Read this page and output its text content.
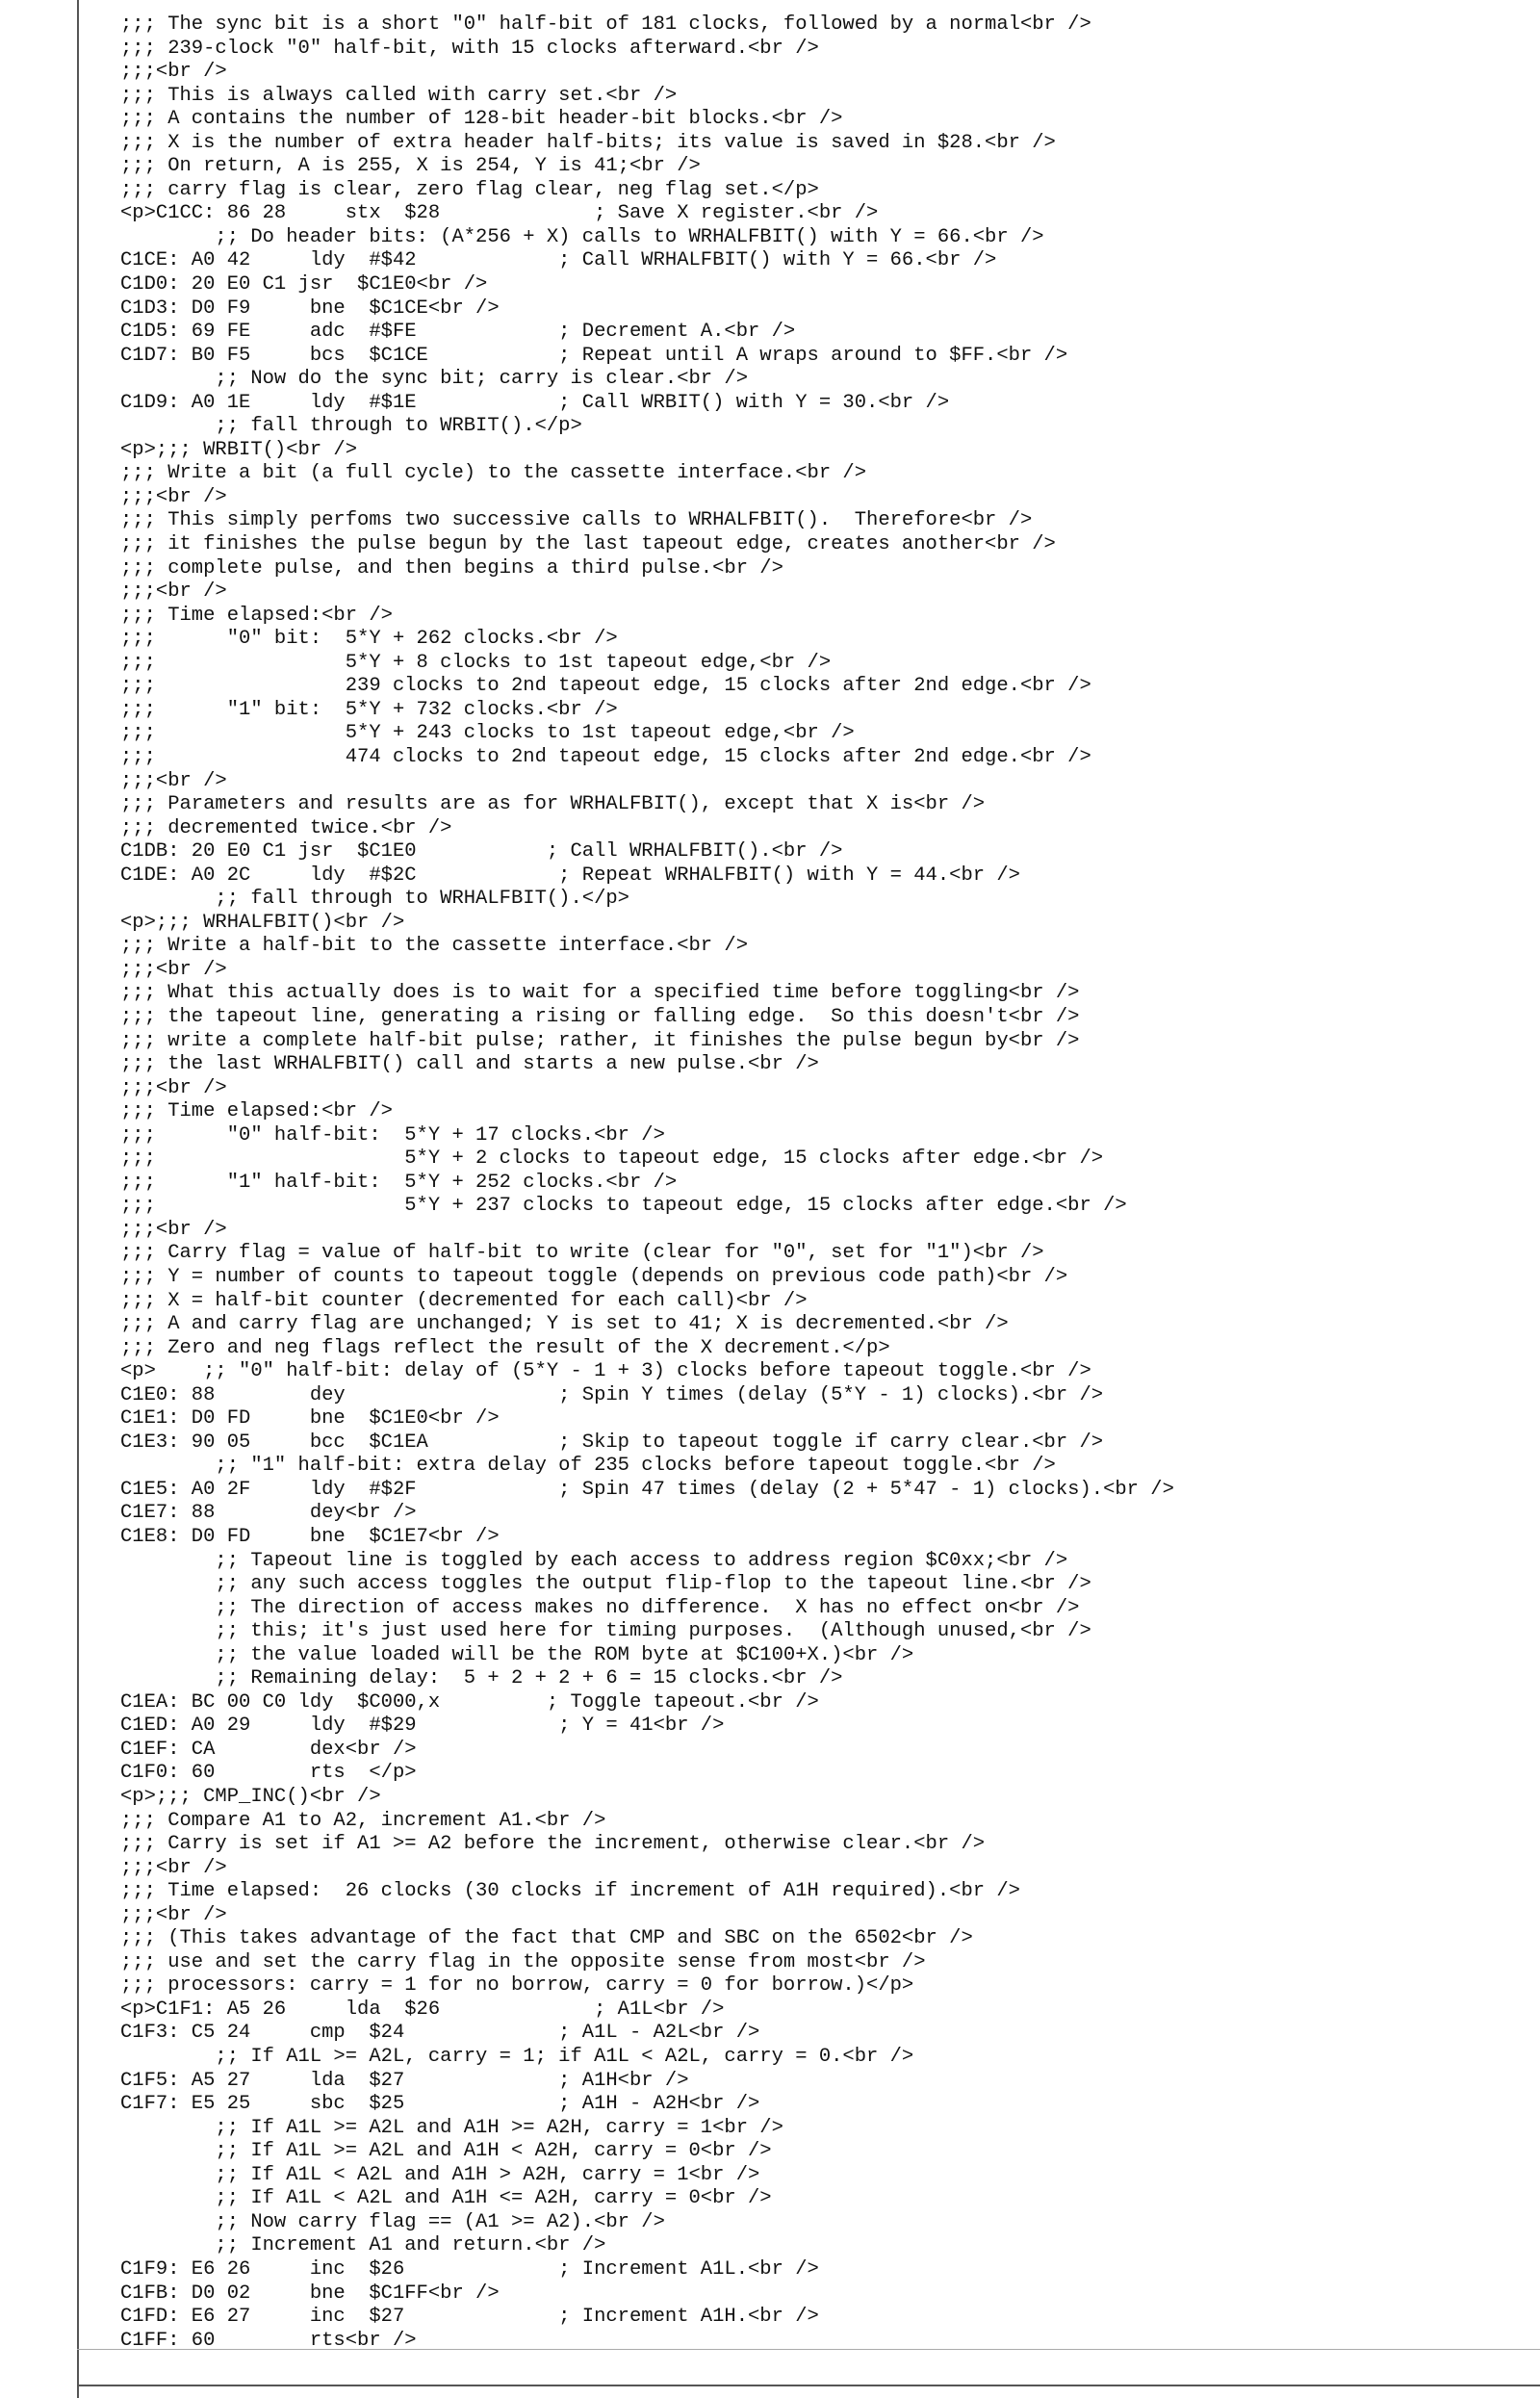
;;; The sync bit is a short "0" half-bit of 181 clocks, followed by a normal<br />
;;; 239-clock "0" half-bit, with 15 clocks afterward.<br />
;;;<br />
;;; This is always called with carry set.<br />
;;; A contains the number of 128-bit header-bit blocks.<br />
;;; X is the number of extra header half-bits; its value is saved in $28.<br />
;;; On return, A is 255, X is 254, Y is 41;<br />
;;; carry flag is clear, zero flag clear, neg flag set.</p>
<p>C1CC: 86 28     stx  $28             ; Save X register.<br />
;; Do header bits: (A*256 + X) calls to WRHALFBIT() with Y = 66.<br />
C1CE: A0 42     ldy  #$42            ; Call WRHALFBIT() with Y = 66.<br />
C1D0: 20 E0 C1 jsr  $C1E0<br />
C1D3: D0 F9     bne  $C1CE<br />
C1D5: 69 FE     adc  #$FE            ; Decrement A.<br />
C1D7: B0 F5     bcs  $C1CE           ; Repeat until A wraps around to $FF.<br />
;; Now do the sync bit; carry is clear.<br />
C1D9: A0 1E     ldy  #$1E            ; Call WRBIT() with Y = 30.<br />
;; fall through to WRBIT().</p>
<p>;;; WRBIT()<br />
;;; Write a bit (a full cycle) to the cassette interface.<br />
;;;<br />
;;; This simply perfoms two successive calls to WRHALFBIT().  Therefore<br />
;;; it finishes the pulse begun by the last tapeout edge, creates another<br />
;;; complete pulse, and then begins a third pulse.<br />
;;;<br />
;;; Time elapsed:<br />
;;;      "0" bit:  5*Y + 262 clocks.<br />
;;;                5*Y + 8 clocks to 1st tapeout edge,<br />
;;;                239 clocks to 2nd tapeout edge, 15 clocks after 2nd edge.<br />
;;;      "1" bit:  5*Y + 732 clocks.<br />
;;;                5*Y + 243 clocks to 1st tapeout edge,<br />
;;;                474 clocks to 2nd tapeout edge, 15 clocks after 2nd edge.<br />
;;;<br />
;;; Parameters and results are as for WRHALFBIT(), except that X is<br />
;;; decremented twice.<br />
C1DB: 20 E0 C1 jsr  $C1E0           ; Call WRHALFBIT().<br />
C1DE: A0 2C     ldy  #$2C            ; Repeat WRHALFBIT() with Y = 44.<br />
;; fall through to WRHALFBIT().</p>
<p>;;; WRHALFBIT()<br />
;;; Write a half-bit to the cassette interface.<br />
;;;<br />
;;; What this actually does is to wait for a specified time before toggling<br />
;;; the tapeout line, generating a rising or falling edge.  So this doesn't<br />
;;; write a complete half-bit pulse; rather, it finishes the pulse begun by<br />
;;; the last WRHALFBIT() call and starts a new pulse.<br />
;;;<br />
;;; Time elapsed:<br />
;;;      "0" half-bit:  5*Y + 17 clocks.<br />
;;;                     5*Y + 2 clocks to tapeout edge, 15 clocks after edge.<br />
;;;      "1" half-bit:  5*Y + 252 clocks.<br />
;;;                     5*Y + 237 clocks to tapeout edge, 15 clocks after edge.<br />
;;;<br />
;;; Carry flag = value of half-bit to write (clear for "0", set for "1")<br />
;;; Y = number of counts to tapeout toggle (depends on previous code path)<br />
;;; X = half-bit counter (decremented for each call)<br />
;;; A and carry flag are unchanged; Y is set to 41; X is decremented.<br />
;;; Zero and neg flags reflect the result of the X decrement.</p>
<p>    ;; "0" half-bit: delay of (5*Y - 1 + 3) clocks before tapeout toggle.<br />
C1E0: 88        dey                  ; Spin Y times (delay (5*Y - 1) clocks).<br />
C1E1: D0 FD     bne  $C1E0<br />
C1E3: 90 05     bcc  $C1EA           ; Skip to tapeout toggle if carry clear.<br />
;; "1" half-bit: extra delay of 235 clocks before tapeout toggle.<br />
C1E5: A0 2F     ldy  #$2F            ; Spin 47 times (delay (2 + 5*47 - 1) clocks).<br />
C1E7: 88        dey<br />
C1E8: D0 FD     bne  $C1E7<br />
;; Tapeout line is toggled by each access to address region $C0xx;<br />
;; any such access toggles the output flip-flop to the tapeout line.<br />
;; The direction of access makes no difference.  X has no effect on<br />
;; this; it's just used here for timing purposes.  (Although unused,<br />
;; the value loaded will be the ROM byte at $C100+X.)<br />
;; Remaining delay:  5 + 2 + 2 + 6 = 15 clocks.<br />
C1EA: BC 00 C0 ldy  $C000,x         ; Toggle tapeout.<br />
C1ED: A0 29     ldy  #$29            ; Y = 41<br />
C1EF: CA        dex<br />
C1F0: 60        rts  </p>
<p>;;; CMP_INC()<br />
;;; Compare A1 to A2, increment A1.<br />
;;; Carry is set if A1 >= A2 before the increment, otherwise clear.<br />
;;;<br />
;;; Time elapsed:  26 clocks (30 clocks if increment of A1H required).<br />
;;;<br />
;;; (This takes advantage of the fact that CMP and SBC on the 6502<br />
;;; use and set the carry flag in the opposite sense from most<br />
;;; processors: carry = 1 for no borrow, carry = 0 for borrow.)</p>
<p>C1F1: A5 26     lda  $26             ; A1L<br />
C1F3: C5 24     cmp  $24             ; A1L - A2L<br />
;; If A1L >= A2L, carry = 1; if A1L < A2L, carry = 0.<br />
C1F5: A5 27     lda  $27             ; A1H<br />
C1F7: E5 25     sbc  $25             ; A1H - A2H<br />
;; If A1L >= A2L and A1H >= A2H, carry = 1<br />
;; If A1L >= A2L and A1H < A2H, carry = 0<br />
;; If A1L < A2L and A1H > A2H, carry = 1<br />
;; If A1L < A2L and A1H <= A2H, carry = 0<br />
;; Now carry flag == (A1 >= A2).<br />
;; Increment A1 and return.<br />
C1F9: E6 26     inc  $26             ; Increment A1L.<br />
C1FB: D0 02     bne  $C1FF<br />
C1FD: E6 27     inc  $27             ; Increment A1H.<br />
C1FF: 60        rts<br />
